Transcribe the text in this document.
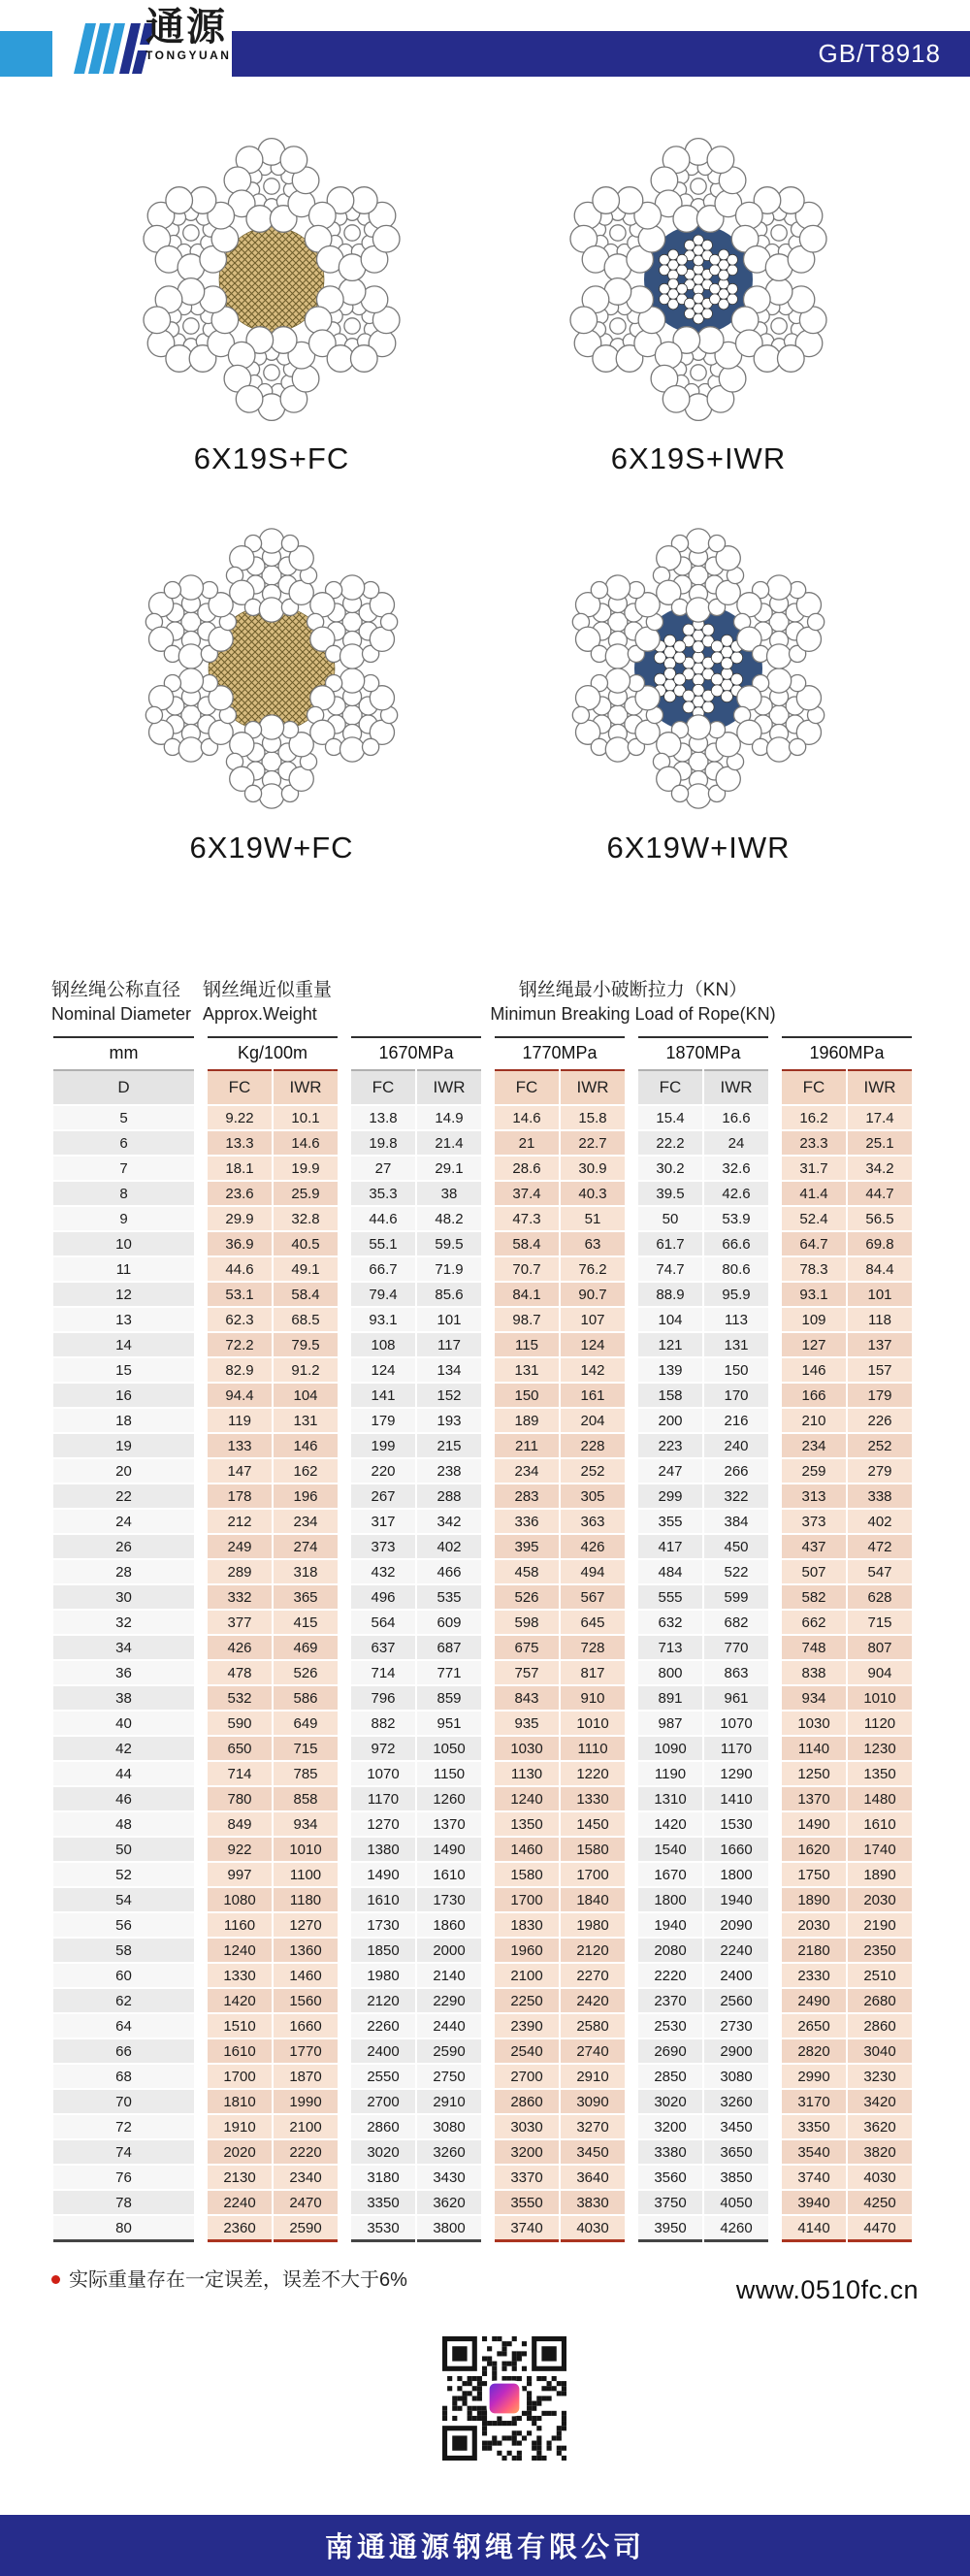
通源
TONGYUAN	GB/T8918
6X19S+FC	6X19S+IWR
6X19W+FC	6X19W+IWR
钢丝绳公称直径
Nominal Diameter
钢丝绳近似重量
Approx.Weight
钢丝绳最小破断拉力（KN）
Minimun Breaking Load of Rope(KN)
mm		Kg/100m			1670MPa			1770MPa			1870MPa			1960MPa	
D		FC	IWR		FC	IWR		FC	IWR		FC	IWR		FC	IWR
5		9.22	10.1		13.8	14.9		14.6	15.8		15.4	16.6		16.2	17.4
6		13.3	14.6		19.8	21.4		21	22.7		22.2	24		23.3	25.1
7		18.1	19.9		27	29.1		28.6	30.9		30.2	32.6		31.7	34.2
8		23.6	25.9		35.3	38		37.4	40.3		39.5	42.6		41.4	44.7
9		29.9	32.8		44.6	48.2		47.3	51		50	53.9		52.4	56.5
10		36.9	40.5		55.1	59.5		58.4	63		61.7	66.6		64.7	69.8
11		44.6	49.1		66.7	71.9		70.7	76.2		74.7	80.6		78.3	84.4
12		53.1	58.4		79.4	85.6		84.1	90.7		88.9	95.9		93.1	101
13		62.3	68.5		93.1	101		98.7	107		104	113		109	118
14		72.2	79.5		108	117		115	124		121	131		127	137
15		82.9	91.2		124	134		131	142		139	150		146	157
16		94.4	104		141	152		150	161		158	170		166	179
18		119	131		179	193		189	204		200	216		210	226
19		133	146		199	215		211	228		223	240		234	252
20		147	162		220	238		234	252		247	266		259	279
22		178	196		267	288		283	305		299	322		313	338
24		212	234		317	342		336	363		355	384		373	402
26		249	274		373	402		395	426		417	450		437	472
28		289	318		432	466		458	494		484	522		507	547
30		332	365		496	535		526	567		555	599		582	628
32		377	415		564	609		598	645		632	682		662	715
34		426	469		637	687		675	728		713	770		748	807
36		478	526		714	771		757	817		800	863		838	904
38		532	586		796	859		843	910		891	961		934	1010
40		590	649		882	951		935	1010		987	1070		1030	1120
42		650	715		972	1050		1030	1110		1090	1170		1140	1230
44		714	785		1070	1150		1130	1220		1190	1290		1250	1350
46		780	858		1170	1260		1240	1330		1310	1410		1370	1480
48		849	934		1270	1370		1350	1450		1420	1530		1490	1610
50		922	1010		1380	1490		1460	1580		1540	1660		1620	1740
52		997	1100		1490	1610		1580	1700		1670	1800		1750	1890
54		1080	1180		1610	1730		1700	1840		1800	1940		1890	2030
56		1160	1270		1730	1860		1830	1980		1940	2090		2030	2190
58		1240	1360		1850	2000		1960	2120		2080	2240		2180	2350
60		1330	1460		1980	2140		2100	2270		2220	2400		2330	2510
62		1420	1560		2120	2290		2250	2420		2370	2560		2490	2680
64		1510	1660		2260	2440		2390	2580		2530	2730		2650	2860
66		1610	1770		2400	2590		2540	2740		2690	2900		2820	3040
68		1700	1870		2550	2750		2700	2910		2850	3080		2990	3230
70		1810	1990		2700	2910		2860	3090		3020	3260		3170	3420
72		1910	2100		2860	3080		3030	3270		3200	3450		3350	3620
74		2020	2220		3020	3260		3200	3450		3380	3650		3540	3820
76		2130	2340		3180	3430		3370	3640		3560	3850		3740	4030
78		2240	2470		3350	3620		3550	3830		3750	4050		3940	4250
80		2360	2590		3530	3800		3740	4030		3950	4260		4140	4470
实际重量存在一定误差，误差不大于6%	www.0510fc.cn
南通通源钢绳有限公司
